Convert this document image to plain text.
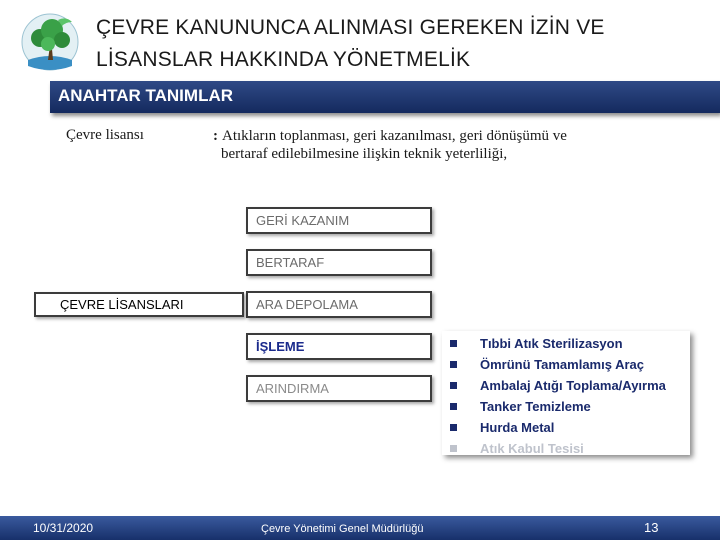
ÇEVRE KANUNUNCA ALINMASI GEREKEN İZİN VE
LİSANSLAR HAKKINDA YÖNETMELİK
ANAHTAR TANIMLAR
Çevre lisansı	: Atıkların toplanması, geri kazanılması, geri dönüşümü ve
bertaraf edilebilmesine ilişkin teknik yeterliliği,
GERİ KAZANIM
BERTARAF
ARA DEPOLAMA
İŞLEME
ARINDIRMA
ÇEVRE LİSANSLARI
Tıbbi Atık Sterilizasyon
Ömrünü Tamamlamış Araç
Ambalaj Atığı Toplama/Ayırma
Tanker Temizleme
Hurda Metal
Atık Kabul Tesisi
10/31/2020	Çevre Yönetimi Genel Müdürlüğü	13
